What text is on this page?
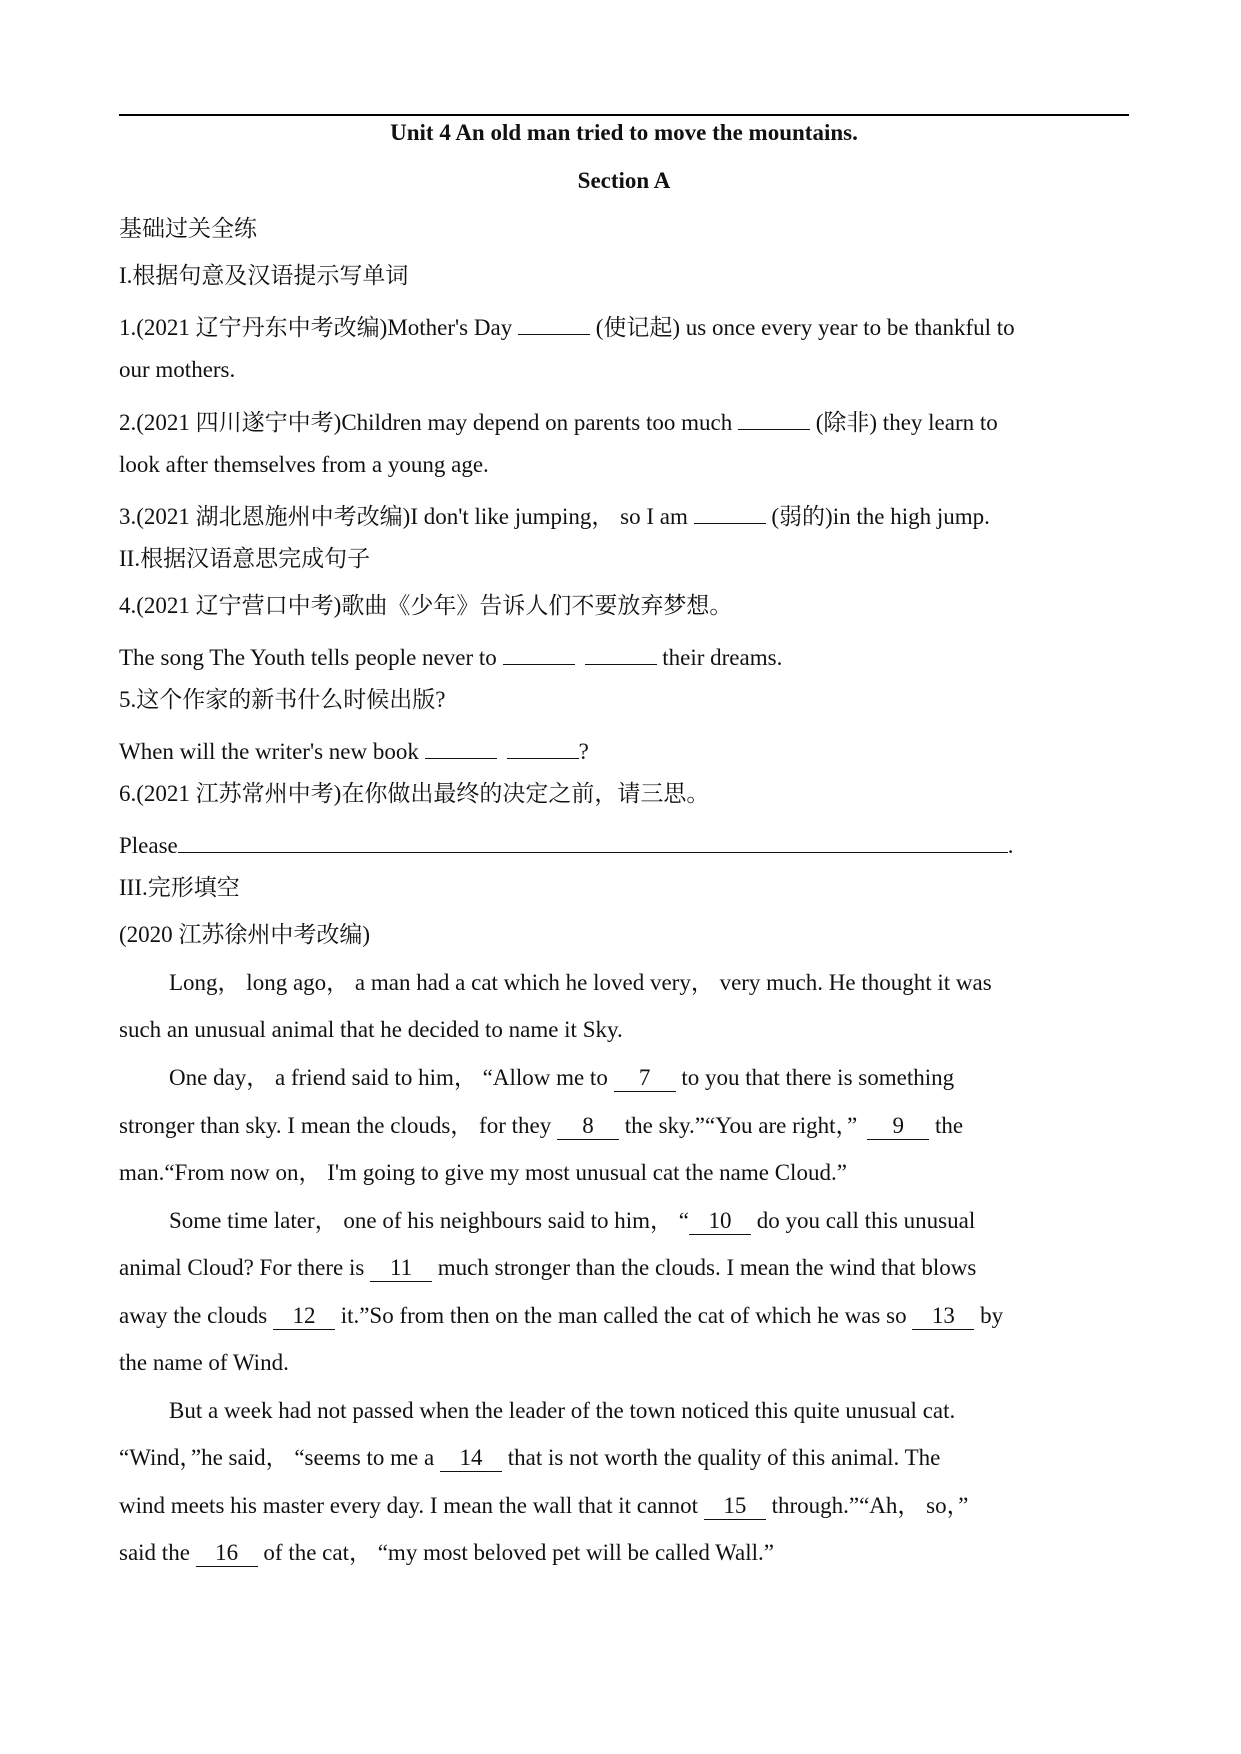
Unit 4 An old man tried to move the mountains.
Section A
基础过关全练
I.根据句意及汉语提示写单词
1.(2021 辽宁丹东中考改编)Mother's Day	(使记起) us once every year to be thankful to
our mothers.
2.(2021 四川遂宁中考)Children may depend on parents too much	(除非) they learn to
look after themselves from a young age.
3.(2021 湖北恩施州中考改编)I don't like jumping， so I am	(弱的)in the high jump.
II.根据汉语意思完成句子
4.(2021 辽宁营口中考)歌曲《少年》告诉人们不要放弃梦想。
The song The Youth tells people never to	their dreams.
5.这个作家的新书什么时候出版?
When will the writer's new book	?
6.(2021 江苏常州中考)在你做出最终的决定之前，请三思。
Please	.
III.完形填空
(2020 江苏徐州中考改编)
Long， long ago， a man had a cat which he loved very， very much. He thought it was
such an unusual animal that he decided to name it Sky.
One day， a friend said to him， “Allow me to 7 to you that there is something
stronger than sky. I mean the clouds， for they 8 the sky.”“You are right，” 9 the
man.“From now on， I'm going to give my most unusual cat the name Cloud.”
Some time later， one of his neighbours said to him， “ 10 do you call this unusual
animal Cloud? For there is 11 much stronger than the clouds. I mean the wind that blows
away the clouds 12 it.”So from then on the man called the cat of which he was so 13 by
the name of Wind.
But a week had not passed when the leader of the town noticed this quite unusual cat.
“Wind，”he said， “seems to me a 14 that is not worth the quality of this animal. The
wind meets his master every day. I mean the wall that it cannot 15 through.”“Ah， so，”
said the 16 of the cat， “my most beloved pet will be called Wall.”
